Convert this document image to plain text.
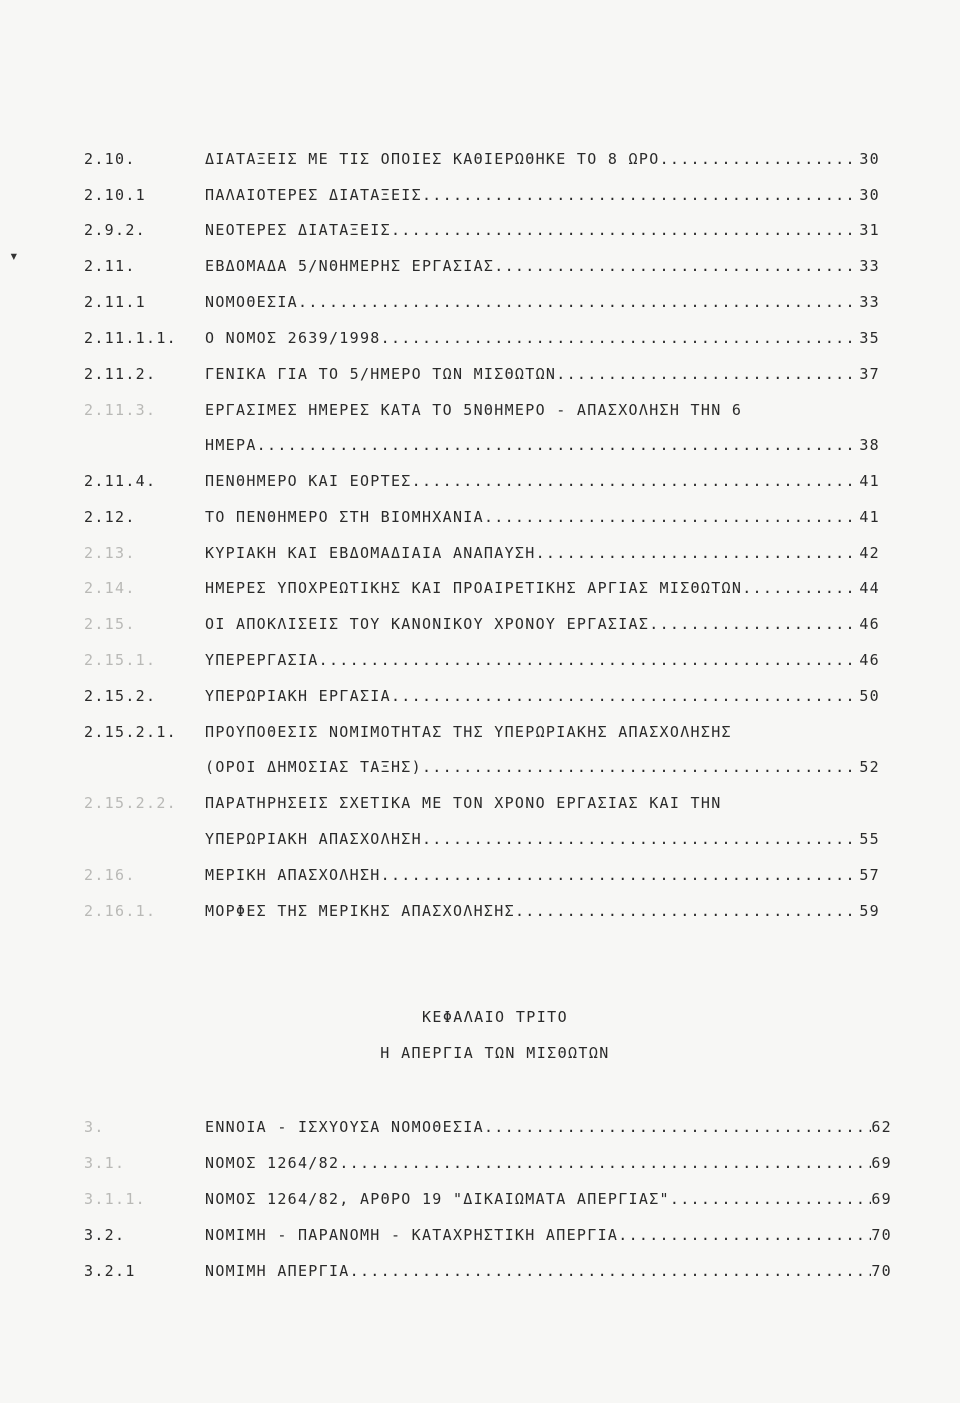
▾
2.10.	ΔΙΑΤΑΞΕΙΣ ΜΕ ΤΙΣ ΟΠΟΙΕΣ ΚΑΘΙΕΡΩΘΗΚΕ ΤΟ 8 ΩΡΟ .....	30
2.10.1	ΠΑΛΑΙΟΤΕΡΕΣ ΔΙΑΤΑΞΕΙΣ .....	30
2.9.2.	ΝΕΟΤΕΡΕΣ ΔΙΑΤΑΞΕΙΣ .....	31
2.11.	ΕΒΔΟΜΑΔΑ 5/ΝΘΗΜΕΡΗΣ ΕΡΓΑΣΙΑΣ .....	33
2.11.1	ΝΟΜΟΘΕΣΙΑ .....	33
2.11.1.1.	Ο ΝΟΜΟΣ 2639/1998 .....	35
2.11.2.	ΓΕΝΙΚΑ ΓΙΑ ΤΟ 5/ΗΜΕΡΟ ΤΩΝ ΜΙΣΘΩΤΩΝ .....	37
2.11.3.	ΕΡΓΑΣΙΜΕΣ ΗΜΕΡΕΣ ΚΑΤΑ ΤΟ 5ΝΘΗΜΕΡΟ - ΑΠΑΣΧΟΛΗΣΗ ΤΗΝ 6
ΗΜΕΡΑ .....	38
2.11.4.	ΠΕΝΘΗΜΕΡΟ ΚΑΙ ΕΟΡΤΕΣ .....	41
2.12.	ΤΟ ΠΕΝΘΗΜΕΡΟ ΣΤΗ ΒΙΟΜΗΧΑΝΙΑ .....	41
2.13.	ΚΥΡΙΑΚΗ ΚΑΙ ΕΒΔΟΜΑΔΙΑΙΑ ΑΝΑΠΑΥΣΗ .....	42
2.14.	ΗΜΕΡΕΣ ΥΠΟΧΡΕΩΤΙΚΗΣ ΚΑΙ ΠΡΟΑΙΡΕΤΙΚΗΣ ΑΡΓΙΑΣ ΜΙΣΘΩΤΩΝ .....	44
2.15.	ΟΙ ΑΠΟΚΛΙΣΕΙΣ ΤΟΥ ΚΑΝΟΝΙΚΟΥ ΧΡΟΝΟΥ ΕΡΓΑΣΙΑΣ .....	46
2.15.1.	ΥΠΕΡΕΡΓΑΣΙΑ .....	46
2.15.2.	ΥΠΕΡΩΡΙΑΚΗ ΕΡΓΑΣΙΑ .....	50
2.15.2.1.	ΠΡΟΥΠΟΘΕΣΙΣ ΝΟΜΙΜΟΤΗΤΑΣ ΤΗΣ ΥΠΕΡΩΡΙΑΚΗΣ ΑΠΑΣΧΟΛΗΣΗΣ
(ΟΡΟΙ ΔΗΜΟΣΙΑΣ ΤΑΞΗΣ) .....	52
2.15.2.2.	ΠΑΡΑΤΗΡΗΣΕΙΣ ΣΧΕΤΙΚΑ ΜΕ ΤΟΝ ΧΡΟΝΟ ΕΡΓΑΣΙΑΣ ΚΑΙ ΤΗΝ
ΥΠΕΡΩΡΙΑΚΗ ΑΠΑΣΧΟΛΗΣΗ .....	55
2.16.	ΜΕΡΙΚΗ ΑΠΑΣΧΟΛΗΣΗ .....	57
2.16.1.	ΜΟΡΦΕΣ ΤΗΣ ΜΕΡΙΚΗΣ ΑΠΑΣΧΟΛΗΣΗΣ .....	59
ΚΕΦΑΛΑΙΟ ΤΡΙΤΟ
Η ΑΠΕΡΓΙΑ ΤΩΝ ΜΙΣΘΩΤΩΝ
3.	ΕΝΝΟΙΑ - ΙΣΧΥΟΥΣΑ ΝΟΜΟΘΕΣΙΑ .....	62
3.1.	ΝΟΜΟΣ 1264/82 .....	69
3.1.1.	ΝΟΜΟΣ 1264/82, ΑΡΘΡΟ 19 "ΔΙΚΑΙΩΜΑΤΑ ΑΠΕΡΓΙΑΣ" .....	69
3.2.	ΝΟΜΙΜΗ - ΠΑΡΑΝΟΜΗ - ΚΑΤΑΧΡΗΣΤΙΚΗ ΑΠΕΡΓΙΑ .....	70
3.2.1	ΝΟΜΙΜΗ ΑΠΕΡΓΙΑ .....	70
